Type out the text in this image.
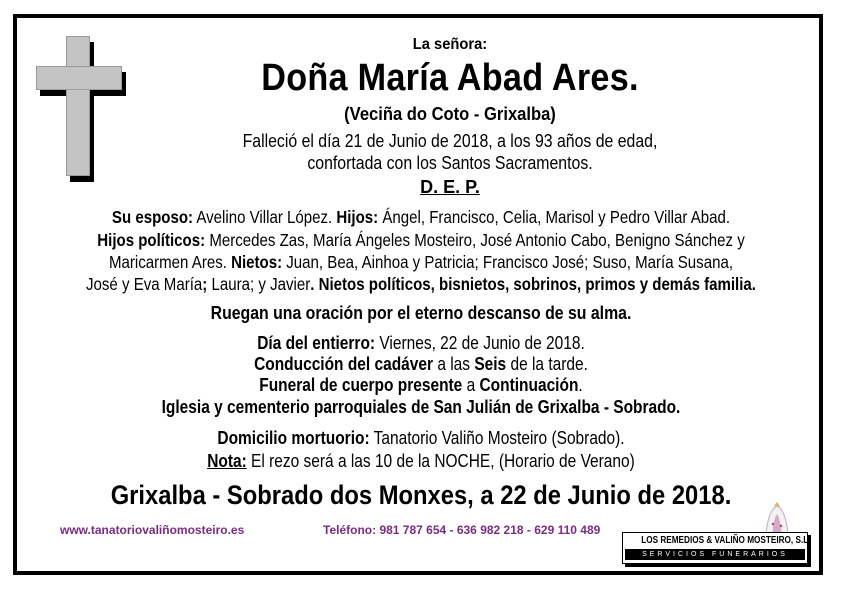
La señora:
Doña María Abad Ares.
(Veciña do Coto - Grixalba)
Falleció el día 21 de Junio de 2018, a los 93 años de edad,
confortada con los Santos Sacramentos.
D. E. P.
Su esposo: Avelino Villar López. Hijos: Ángel, Francisco, Celia, Marisol y Pedro Villar Abad.
Hijos políticos: Mercedes Zas, María Ángeles Mosteiro, José Antonio Cabo, Benigno Sánchez y
Maricarmen Ares. Nietos: Juan, Bea, Ainhoa y Patricia; Francisco José; Suso, María Susana,
José y Eva María; Laura; y Javier. Nietos políticos, bisnietos, sobrinos, primos y demás familia.
Ruegan una oración por el eterno descanso de su alma.
Día del entierro: Viernes, 22 de Junio de 2018.
Conducción del cadáver a las Seis de la tarde.
Funeral de cuerpo presente a Continuación.
Iglesia y cementerio parroquiales de San Julián de Grixalba - Sobrado.
Domicilio mortuorio: Tanatorio Valiño Mosteiro (Sobrado).
Nota: El rezo será a las 10 de la NOCHE, (Horario de Verano)
Grixalba - Sobrado dos Monxes, a 22 de Junio de 2018.
www.tanatoriovaliñomosteiro.es	Teléfono: 981 787 654 - 636 982 218 - 629 110 489
LOS REMEDIOS & VALIÑO MOSTEIRO, S.L.
SERVICIOS FUNERARIOS
